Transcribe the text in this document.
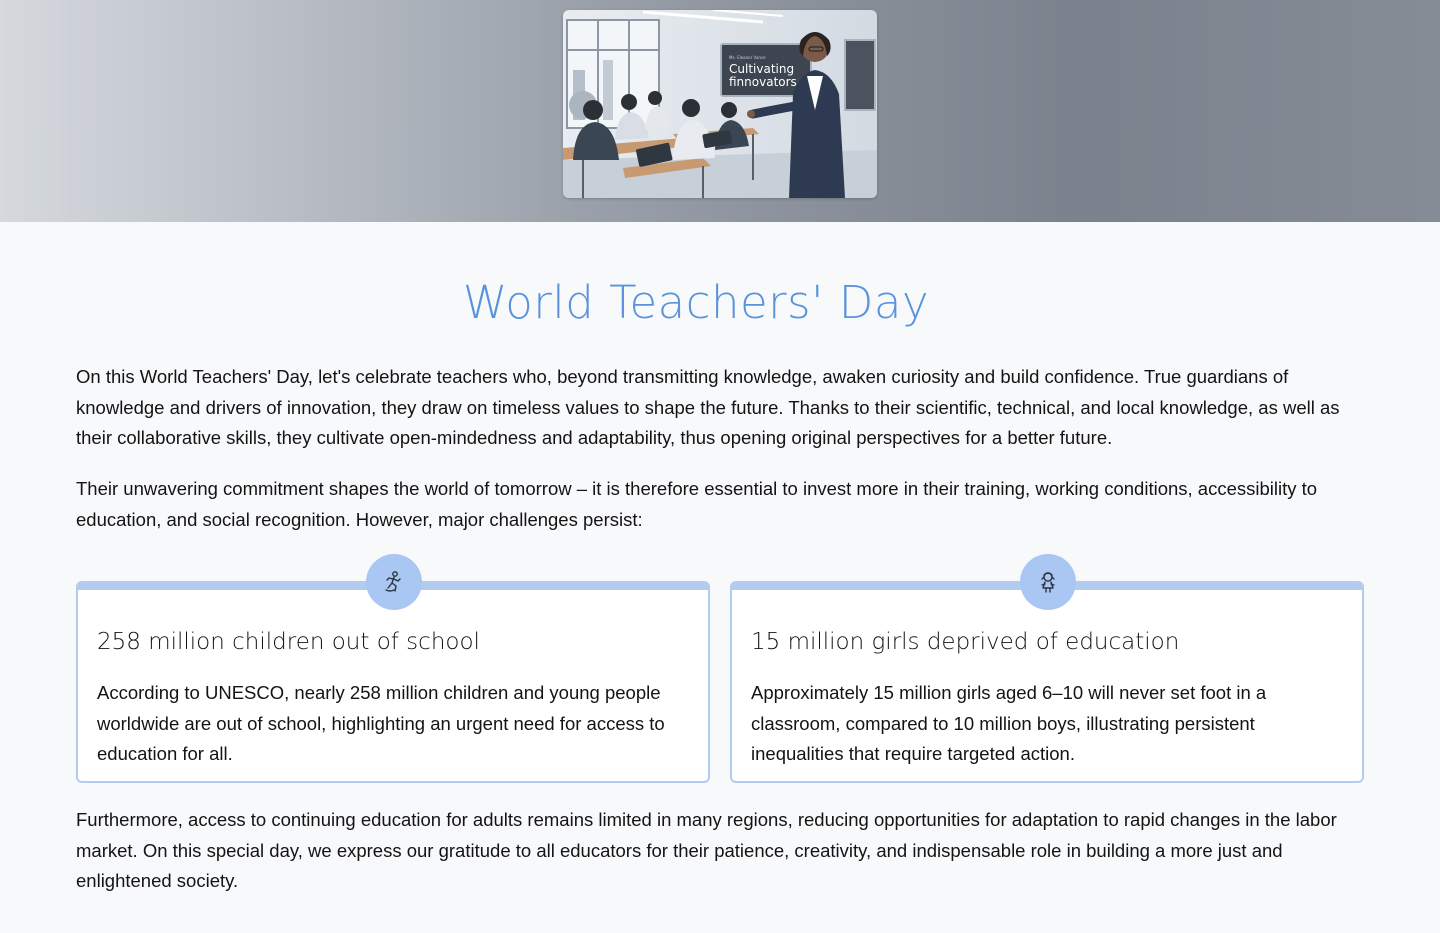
Ms. Eleanor Vance
Cultivating
finnovators
World Teachers' Day

On this World Teachers' Day, let's celebrate teachers who, beyond transmitting knowledge, awaken curiosity and build confidence. True guardians of knowledge and drivers of innovation, they draw on timeless values to shape the future. Thanks to their scientific, technical, and local knowledge, as well as their collaborative skills, they cultivate open-mindedness and adaptability, thus opening original perspectives for a better future.

Their unwavering commitment shapes the world of tomorrow – it is therefore essential to invest more in their training, working conditions, accessibility to education, and social recognition. However, major challenges persist:

258 million children out of school

According to UNESCO, nearly 258 million children and young people worldwide are out of school, highlighting an urgent need for access to education for all.

15 million girls deprived of education

Approximately 15 million girls aged 6–10 will never set foot in a classroom, compared to 10 million boys, illustrating persistent inequalities that require targeted action.

Furthermore, access to continuing education for adults remains limited in many regions, reducing opportunities for adaptation to rapid changes in the labor market. On this special day, we express our gratitude to all educators for their patience, creativity, and indispensable role in building a more just and enlightened society.
